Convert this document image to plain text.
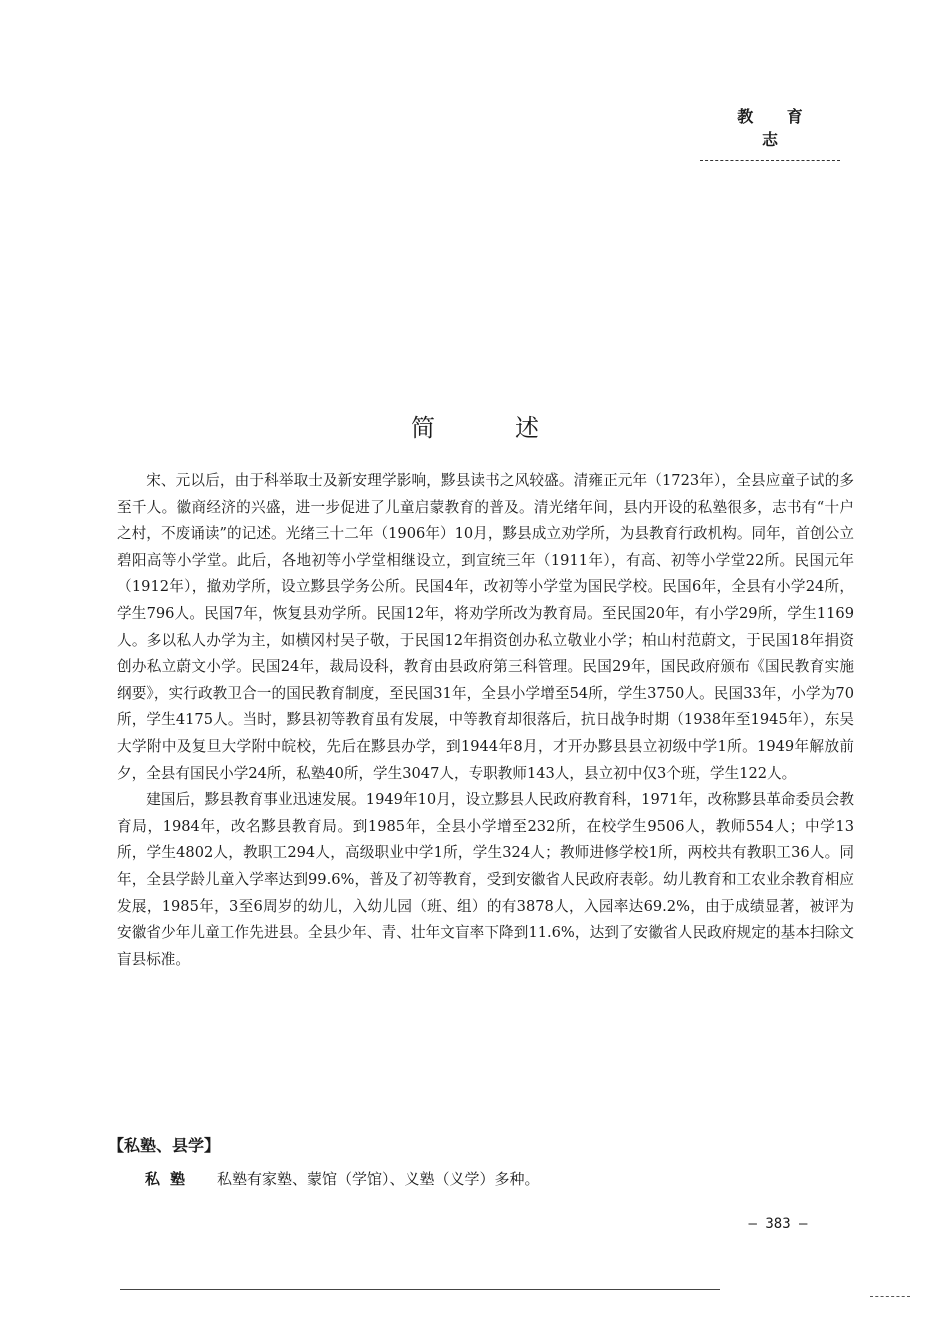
教 育 志
简述

宋、元以后，由于科举取士及新安理学影响，黟县读书之风较盛。清雍正元年（1723年），全县应童子试的多至千人。徽商经济的兴盛，进一步促进了儿童启蒙教育的普及。清光绪年间，县内开设的私塾很多，志书有“十户之村，不废诵读”的记述。光绪三十二年（1906年）10月，黟县成立劝学所，为县教育行政机构。同年，首创公立碧阳高等小学堂。此后，各地初等小学堂相继设立，到宣统三年（1911年），有高、初等小学堂22所。民国元年（1912年），撤劝学所，设立黟县学务公所。民国4年，改初等小学堂为国民学校。民国6年，全县有小学24所，学生796人。民国7年，恢复县劝学所。民国12年，将劝学所改为教育局。至民国20年，有小学29所，学生1169人。多以私人办学为主，如横冈村吴子敬，于民国12年捐资创办私立敬业小学；柏山村范蔚文，于民国18年捐资创办私立蔚文小学。民国24年，裁局设科，教育由县政府第三科管理。民国29年，国民政府颁布《国民教育实施纲要》，实行政教卫合一的国民教育制度，至民国31年，全县小学增至54所，学生3750人。民国33年，小学为70所，学生4175人。当时，黟县初等教育虽有发展，中等教育却很落后，抗日战争时期（1938年至1945年），东吴大学附中及复旦大学附中皖校，先后在黟县办学，到1944年8月，才开办黟县县立初级中学1所。1949年解放前夕，全县有国民小学24所，私塾40所，学生3047人，专职教师143人，县立初中仅3个班，学生122人。

建国后，黟县教育事业迅速发展。1949年10月，设立黟县人民政府教育科，1971年，改称黟县革命委员会教育局，1984年，改名黟县教育局。到1985年，全县小学增至232所，在校学生9506人，教师554人；中学13所，学生4802人，教职工294人，高级职业中学1所，学生324人；教师进修学校1所，两校共有教职工36人。同年，全县学龄儿童入学率达到99.6%，普及了初等教育，受到安徽省人民政府表彰。幼儿教育和工农业余教育相应发展，1985年，3至6周岁的幼儿，入幼儿园（班、组）的有3878人，入园率达69.2%，由于成绩显著，被评为安徽省少年儿童工作先进县。全县少年、青、壮年文盲率下降到11.6%，达到了安徽省人民政府规定的基本扫除文盲县标准。

【私塾、县学】
私塾 私塾有家塾、蒙馆（学馆）、义塾（义学）多种。
— 383 —
